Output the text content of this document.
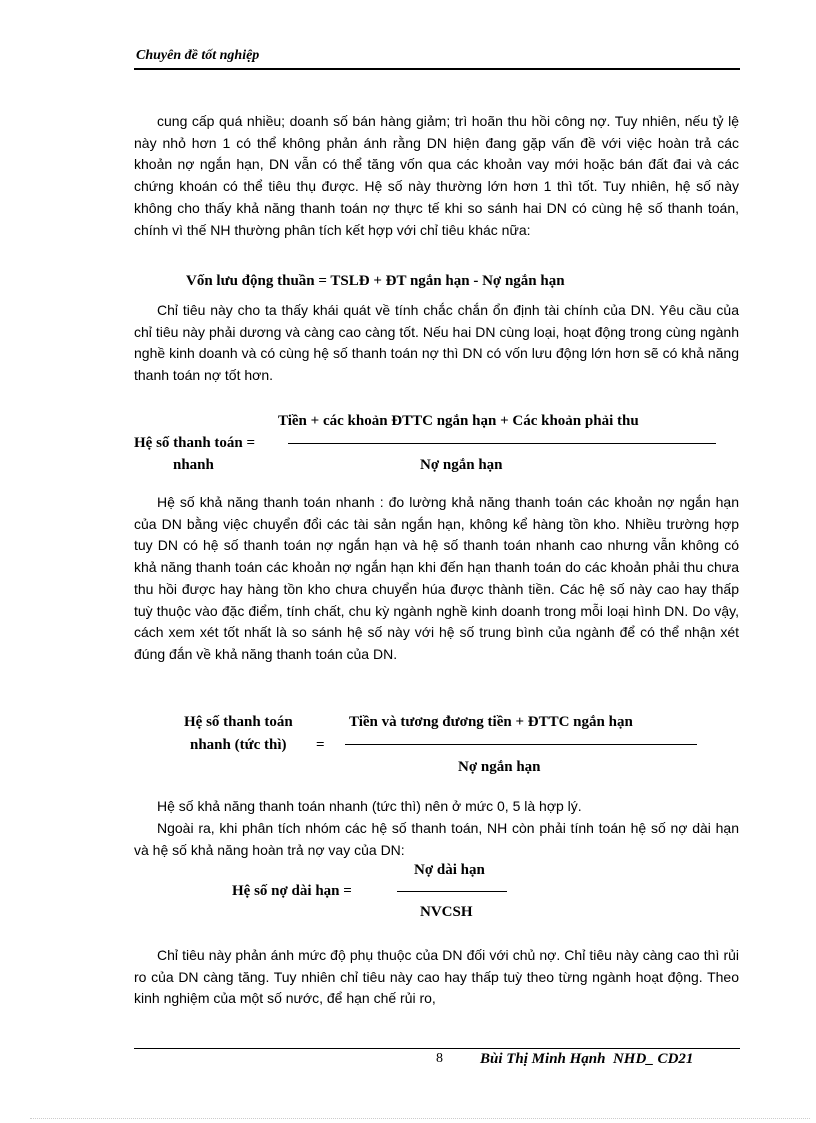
Chuyên đề tốt nghiệp

cung cấp quá nhiều; doanh số bán hàng giảm; trì hoãn thu hồi công nợ. Tuy nhiên, nếu tỷ lệ này nhỏ hơn 1 có thể không phản ánh rằng DN hiện đang gặp vấn đề với việc hoàn trả các khoản nợ ngắn hạn, DN vẫn có thể tăng vốn qua các khoản vay mới hoặc bán đất đai và các chứng khoán có thể tiêu thụ được. Hệ số này thường lớn hơn 1 thì tốt. Tuy nhiên, hệ số này không cho thấy khả năng thanh toán nợ thực tế khi so sánh hai DN có cùng hệ số thanh toán, chính vì thế NH thường phân tích kết hợp với chỉ tiêu khác nữa:

Vốn lưu động thuần = TSLĐ + ĐT ngắn hạn - Nợ ngắn hạn

Chỉ tiêu này cho ta thấy khái quát về tính chắc chắn ổn định tài chính của DN. Yêu cầu của chỉ tiêu này phải dương và càng cao càng tốt. Nếu hai DN cùng loại, hoạt động trong cùng ngành nghề kinh doanh và có cùng hệ số thanh toán nợ thì DN có vốn lưu động lớn hơn sẽ có khả năng thanh toán nợ tốt hơn.

Tiền + các khoản ĐTTC ngắn hạn + Các khoản phải thu
Hệ số thanh toán =
nhanh	Nợ ngắn hạn

Hệ số khả năng thanh toán nhanh : đo lường khả năng thanh toán các khoản nợ ngắn hạn của DN bằng việc chuyển đổi các tài sản ngắn hạn, không kể hàng tồn kho. Nhiều trường hợp tuy DN có hệ số thanh toán nợ ngắn hạn và hệ số thanh toán nhanh cao nhưng vẫn không có khả năng thanh toán các khoản nợ ngắn hạn khi đến hạn thanh toán do các khoản phải thu chưa thu hồi được hay hàng tồn kho chưa chuyển húa được thành tiền. Các hệ số này cao hay thấp tuỳ thuộc vào đặc điểm, tính chất, chu kỳ ngành nghề kinh doanh trong mỗi loại hình DN. Do vậy, cách xem xét tốt nhất là so sánh hệ số này với hệ số trung bình của ngành để có thể nhận xét đúng đắn về khả năng thanh toán của DN.

Hệ số thanh toán	Tiền và tương đương tiền + ĐTTC ngắn hạn
nhanh (tức thì) =
Nợ ngắn hạn

Hệ số khả năng thanh toán nhanh (tức thì) nên ở mức 0, 5 là hợp lý.

Ngoài ra, khi phân tích nhóm các hệ số thanh toán, NH còn phải tính toán hệ số nợ dài hạn và hệ số khả năng hoàn trả nợ vay của DN:

Nợ dài hạn
Hệ số nợ dài hạn =
NVCSH

Chỉ tiêu này phản ánh mức độ phụ thuộc của DN đối với chủ nợ. Chỉ tiêu này càng cao thì rủi ro của DN càng tăng. Tuy nhiên chỉ tiêu này cao hay thấp tuỳ theo từng ngành hoạt động. Theo kinh nghiệm của một số nước, để hạn chế rủi ro,

8 Bùi Thị Minh Hạnh  NHD_ CD21
